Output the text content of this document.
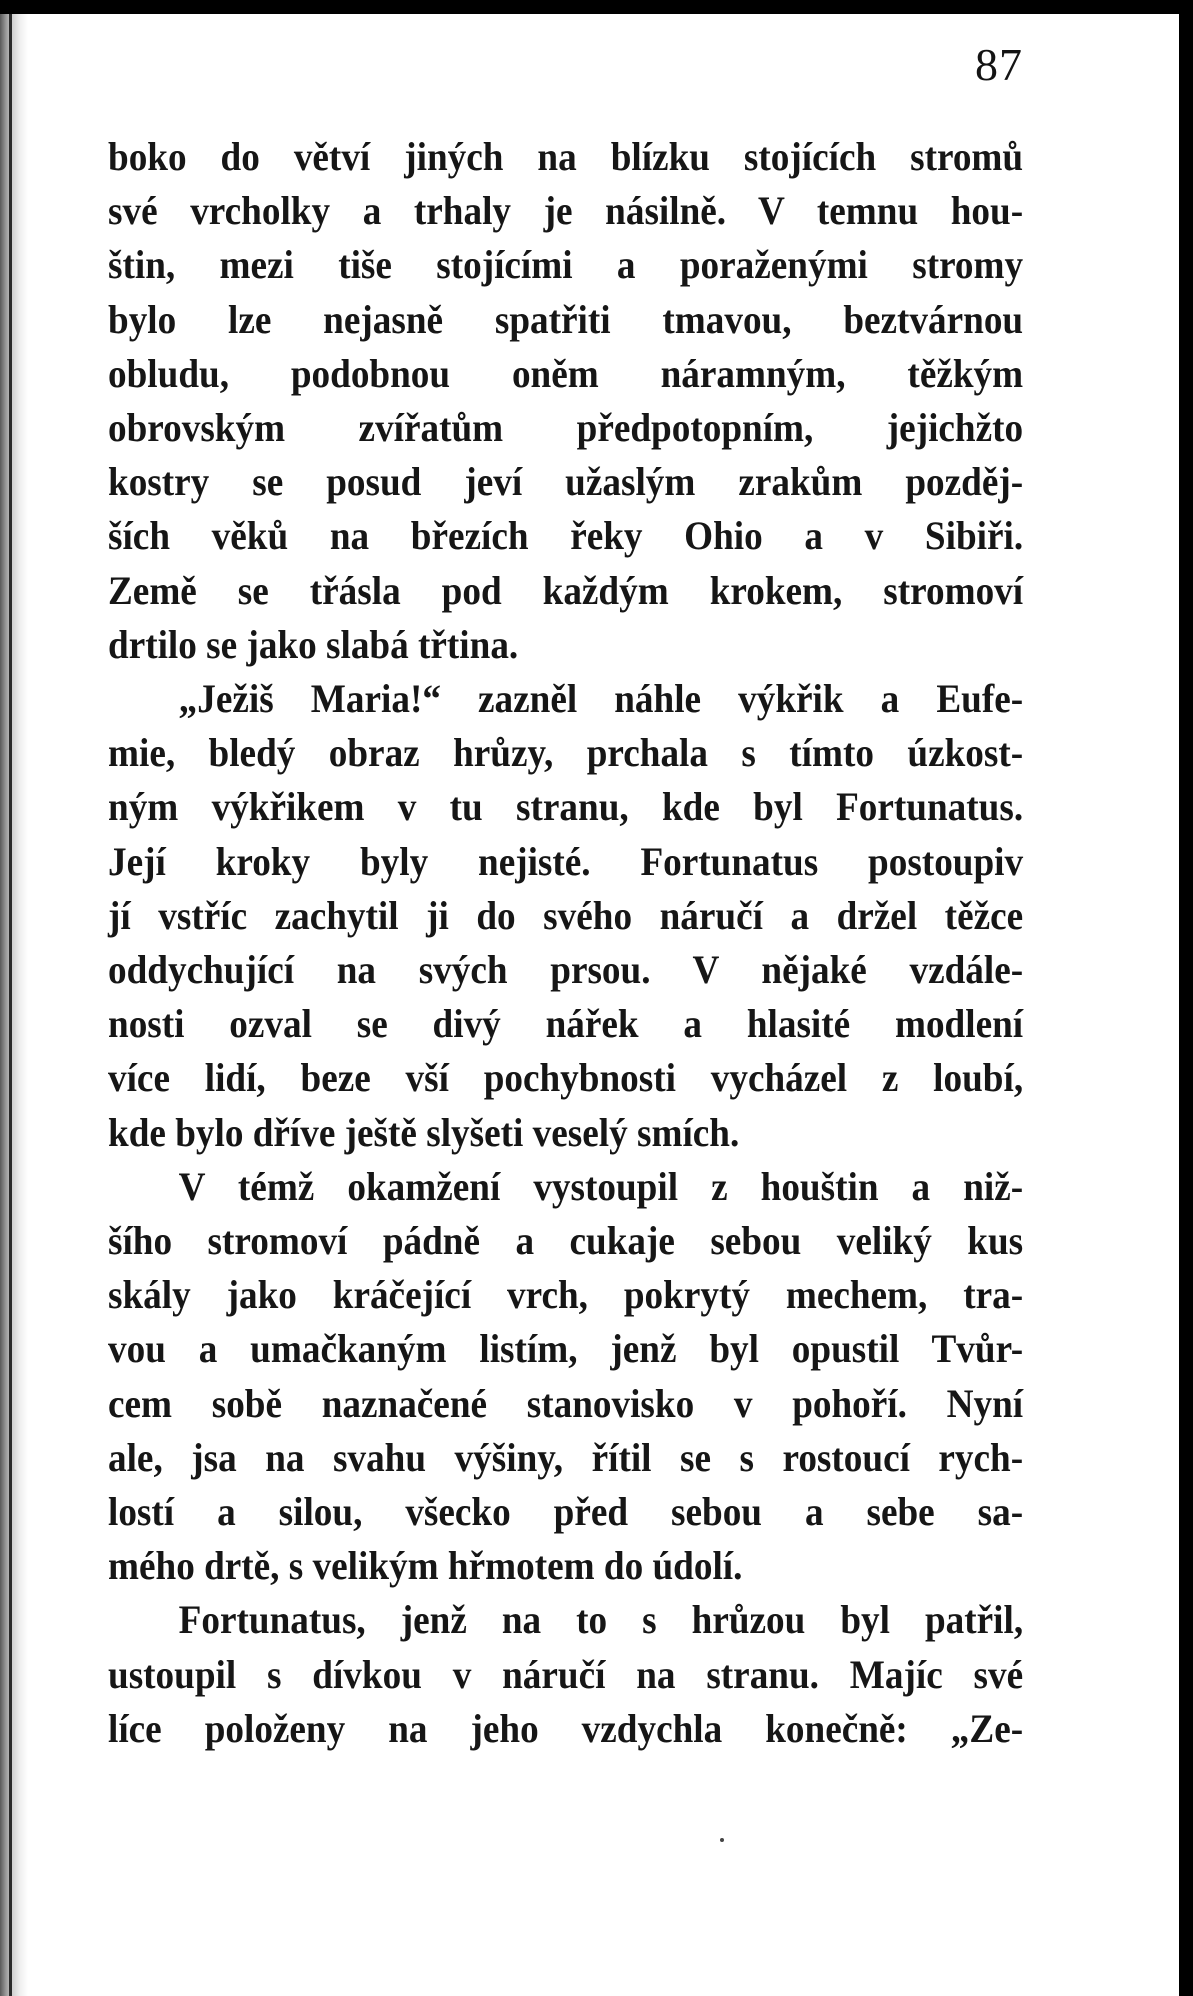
87
boko do větví jiných na blízku stojících stromů
své vrcholky a trhaly je násilně. V temnu hou-
štin, mezi tiše stojícími a poraženými stromy
bylo lze nejasně spatřiti tmavou, beztvárnou
obludu, podobnou oněm náramným, těžkým
obrovským zvířatům předpotopním, jejichžto
kostry se posud jeví užaslým zrakům pozděj-
ších věků na březích řeky Ohio a v Sibiři.
Země se třásla pod každým krokem, stromoví
drtilo se jako slabá třtina.
„Ježiš Maria!“ zazněl náhle výkřik a Eufe-
mie, bledý obraz hrůzy, prchala s tímto úzkost-
ným výkřikem v tu stranu, kde byl Fortunatus.
Její kroky byly nejisté. Fortunatus postoupiv
jí vstříc zachytil ji do svého náručí a držel těžce
oddychující na svých prsou. V nějaké vzdále-
nosti ozval se divý nářek a hlasité modlení
více lidí, beze vší pochybnosti vycházel z loubí,
kde bylo dříve ještě slyšeti veselý smích.
V témž okamžení vystoupil z houštin a niž-
šího stromoví pádně a cukaje sebou veliký kus
skály jako kráčející vrch, pokrytý mechem, tra-
vou a umačkaným listím, jenž byl opustil Tvůr-
cem sobě naznačené stanovisko v pohoří. Nyní
ale, jsa na svahu výšiny, řítil se s rostoucí rych-
lostí a silou, všecko před sebou a sebe sa-
mého drtě, s velikým hřmotem do údolí.
Fortunatus, jenž na to s hrůzou byl patřil,
ustoupil s dívkou v náručí na stranu. Majíc své
líce položeny na jeho vzdychla konečně: „Ze-
